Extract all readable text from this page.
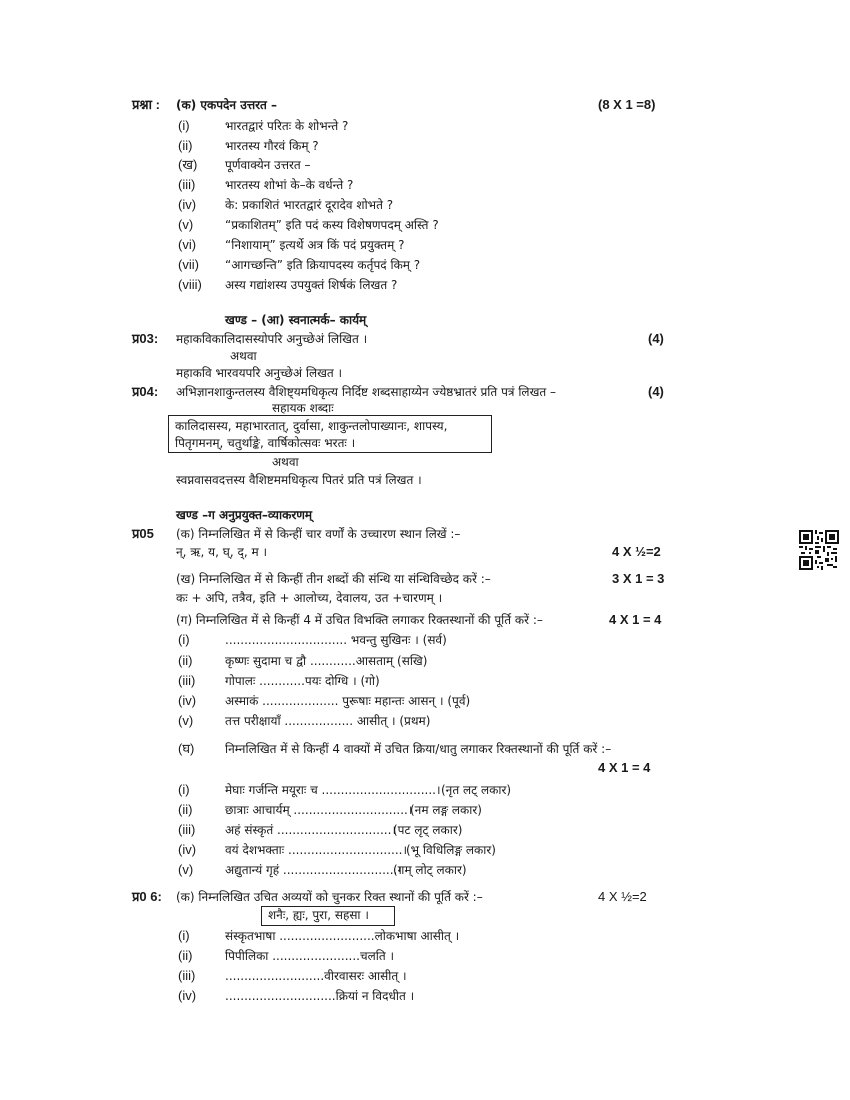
प्रश्ना : (क) एकपदेन उत्तरत –	(8 X 1 =8)
(i)	भारतद्वारं परितः के शोभन्ते ?
(ii)	भारतस्य गौरवं किम् ?
(ख) पूर्णवाक्येन उत्तरत –
(iii) भारतस्य शोभां के–के वर्धन्ते ?
(iv) के: प्रकाशितं भारतद्वारं दूरादेव शोभते ?
(v)	“प्रकाशितम्” इति पदं कस्य विशेषणपदम् अस्ति ?
(vi) “निशायाम्” इत्यर्थे अत्र किं पदं प्रयुक्तम् ?
(vii) “आगच्छन्ति” इति क्रियापदस्य कर्तृपदं किम् ?
(viii) अस्य गद्यांशस्य उपयुक्तं शिर्षकं लिखत ?
खण्ड – (आ) स्वनात्मर्क– कार्यम्
प्र03: महाकविकालिदासस्योपरि अनुच्छेअं लिखित ।	(4)
अथवा
महाकवि भारवयपरि अनुच्छेअं लिखत ।
प्र04: अभिज्ञानशाकुन्तलस्य वैशिष्ट्यमधिकृत्य निर्दिष्ट शब्दसाहाय्येन ज्येष्ठभ्रातरं प्रति पत्रं लिखत –	(4)
सहायक शब्दाः
कालिदासस्य, महाभारतात्, दुर्वासा, शाकुन्तलोपाख्यानः, शापस्य,
पितृगमनम्, चतुर्थाङ्के, वार्षिकोत्सवः भरतः ।
अथवा
स्वप्नवासवदत्तस्य वैशिष्टममधिकृत्य पितरं प्रति पत्रं लिखत ।
खण्ड –ग अनुप्रयुक्त–व्याकरणम्
प्र05 (क) निम्नलिखित में से किन्हीं चार वर्णों के उच्चारण स्थान लिखें :–
न्, ऋ, य, घ्, द्, म ।	4 X ½=2
(ख) निम्नलिखित में से किन्हीं तीन शब्दों की संन्धि या संन्धिविच्छेद करें :–	3 X 1 = 3
कः + अपि, तत्रैव, इति + आलोच्य, देवालय, उत +चारणम् ।
(ग) निम्नलिखित में से किन्हीं 4 में उचित विभक्ति लगाकर रिक्तस्थानों की पूर्ति करें :–	4 X 1 = 4
(i)	................................ भवन्तु सुखिनः । (सर्व)
(ii)	कृष्णः सुदामा च द्वौ ............आसताम् (सखि)
(iii) गोपालः ............पयः दोग्धि । (गो)
(iv) अस्माकं .................... पुरूषाः महान्तः आसन् । (पूर्व)
(v)	तत्त परीक्षायाँ .................. आसीत् । (प्रथम)
(घ)	निम्नलिखित में से किन्हीं 4 वाक्यों में उचित क्रिया/धातु लगाकर रिक्तस्थानों की पूर्ति करें :–
4 X 1 = 4
(i)	मेघाः गर्जन्ति मयूराः च ..............................। (नृत लट् लकार)
(ii)	छात्राः आचार्यम् ..............................।
(नम लङ्ग लकार)
(iii) अहं संस्कृतं ..............................।
(पट लृट् लकार)
(iv) वयं देशभक्ताः ..............................।
(भू विधिलिङ्ग लकार)
(v)	अद्युतान्यं गृहं ..............................।
(गम् लोट् लकार)
प्र0 6: (क) निम्नलिखित उचित अव्ययों को चुनकर रिक्त स्थानों की पूर्ति करें :–	4 X ½=2
शनैः, ह्यः, पुरा, सहसा ।
(i)	संस्कृतभाषा .........................लोकभाषा आसीत् ।
(ii)	पिपीलिका .......................चलति ।
(iii) ..........................वीरवासरः आसीत् ।
(iv) .............................क्रियां न विदधीत ।
